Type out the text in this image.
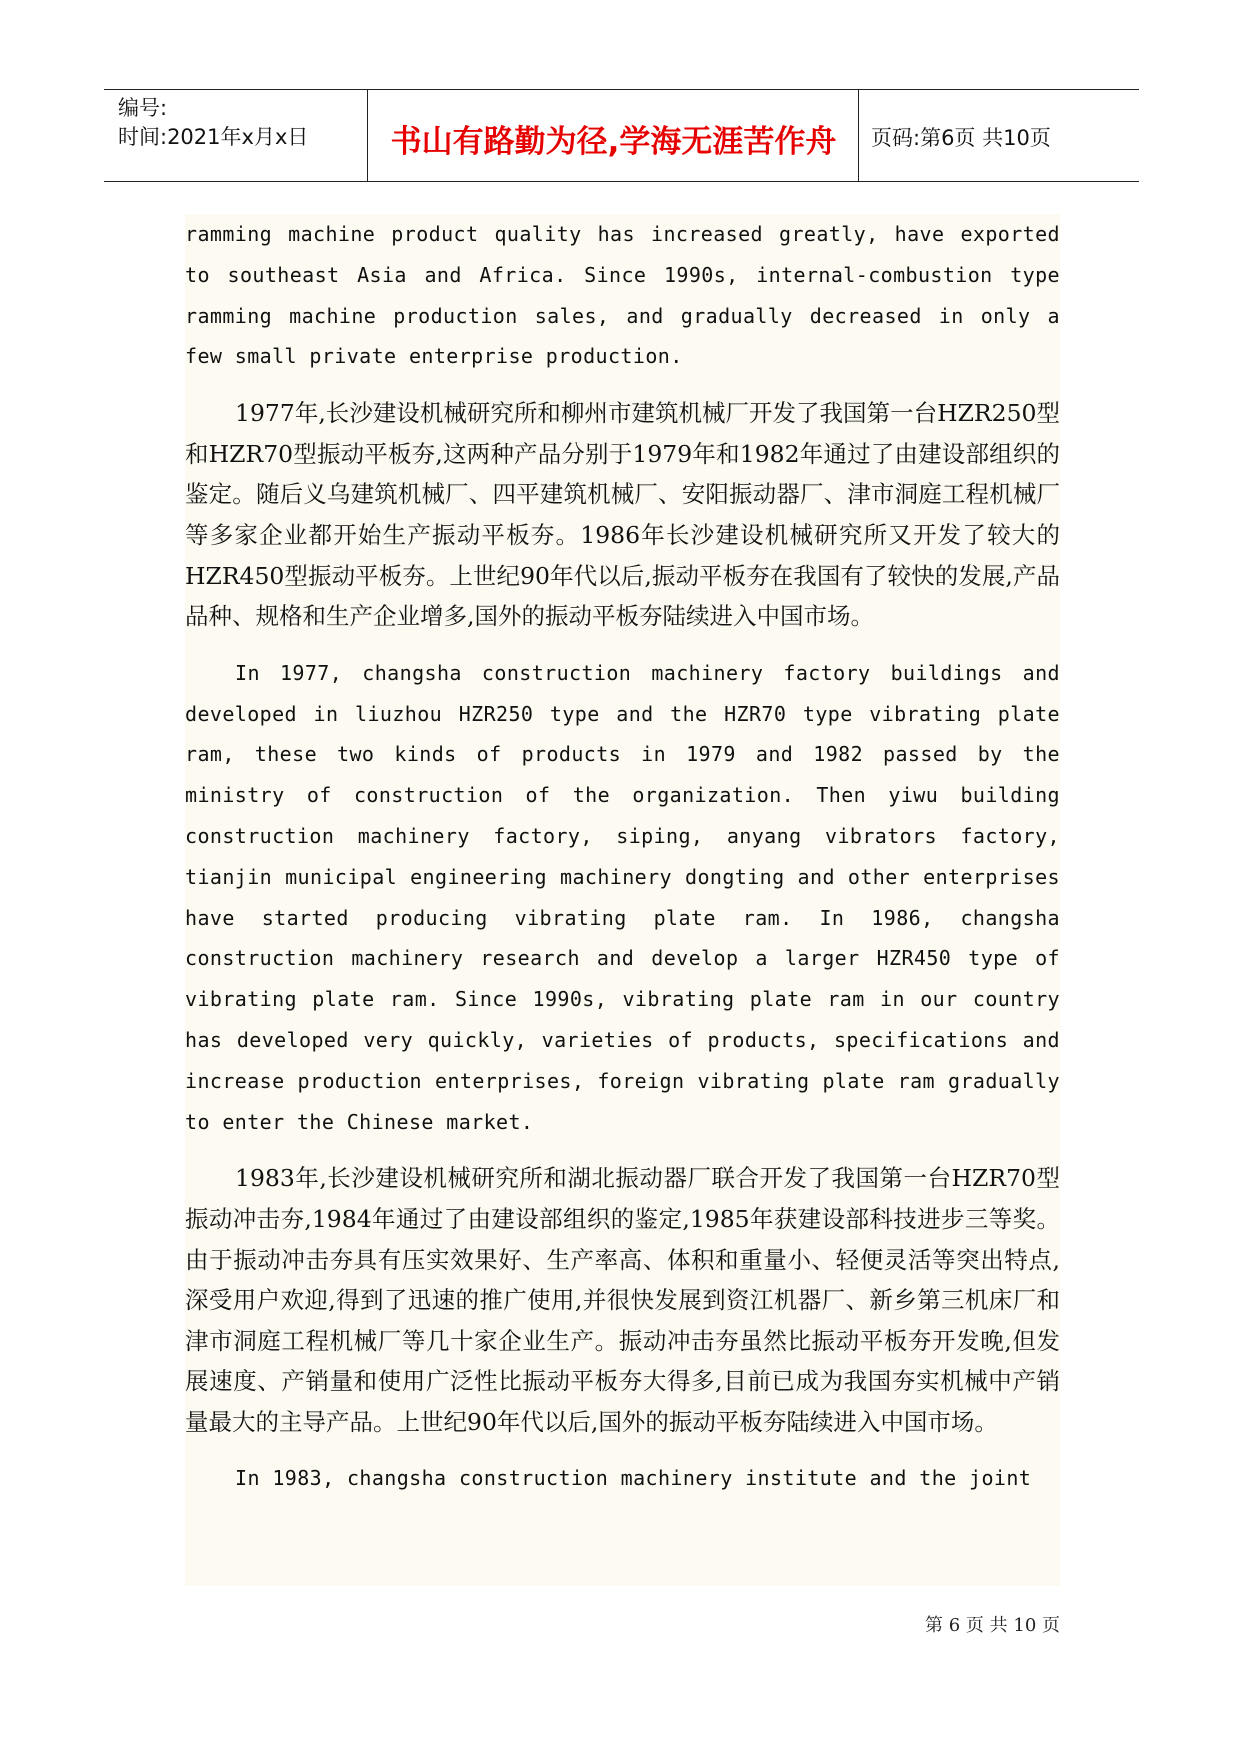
编号:
时间:2021年x月x日	书山有路勤为径,学海无涯苦作舟	页码:第6页 共10页

ramming machine product quality has increased greatly, have exported to southeast Asia and Africa. Since 1990s, internal-combustion type ramming machine production sales, and gradually decreased in only a few small private enterprise production.

1977年,长沙建设机械研究所和柳州市建筑机械厂开发了我国第一台HZR250型和HZR70型振动平板夯,这两种产品分别于1979年和1982年通过了由建设部组织的鉴定。随后义乌建筑机械厂、四平建筑机械厂、安阳振动器厂、津市洞庭工程机械厂等多家企业都开始生产振动平板夯。1986年长沙建设机械研究所又开发了较大的HZR450型振动平板夯。上世纪90年代以后,振动平板夯在我国有了较快的发展,产品品种、规格和生产企业增多,国外的振动平板夯陆续进入中国市场。

In 1977, changsha construction machinery factory buildings and developed in liuzhou HZR250 type and the HZR70 type vibrating plate ram, these two kinds of products in 1979 and 1982 passed by the ministry of construction of the organization. Then yiwu building construction machinery factory, siping, anyang vibrators factory, tianjin municipal engineering machinery dongting and other enterprises have started producing vibrating plate ram. In 1986, changsha construction machinery research and develop a larger HZR450 type of vibrating plate ram. Since 1990s, vibrating plate ram in our country has developed very quickly, varieties of products, specifications and increase production enterprises, foreign vibrating plate ram gradually to enter the Chinese market.

1983年,长沙建设机械研究所和湖北振动器厂联合开发了我国第一台HZR70型振动冲击夯,1984年通过了由建设部组织的鉴定,1985年获建设部科技进步三等奖。由于振动冲击夯具有压实效果好、生产率高、体积和重量小、轻便灵活等突出特点,深受用户欢迎,得到了迅速的推广使用,并很快发展到资江机器厂、新乡第三机床厂和津市洞庭工程机械厂等几十家企业生产。振动冲击夯虽然比振动平板夯开发晚,但发展速度、产销量和使用广泛性比振动平板夯大得多,目前已成为我国夯实机械中产销量最大的主导产品。上世纪90年代以后,国外的振动平板夯陆续进入中国市场。

In 1983, changsha construction machinery institute and the joint

第 6 页 共 10 页
